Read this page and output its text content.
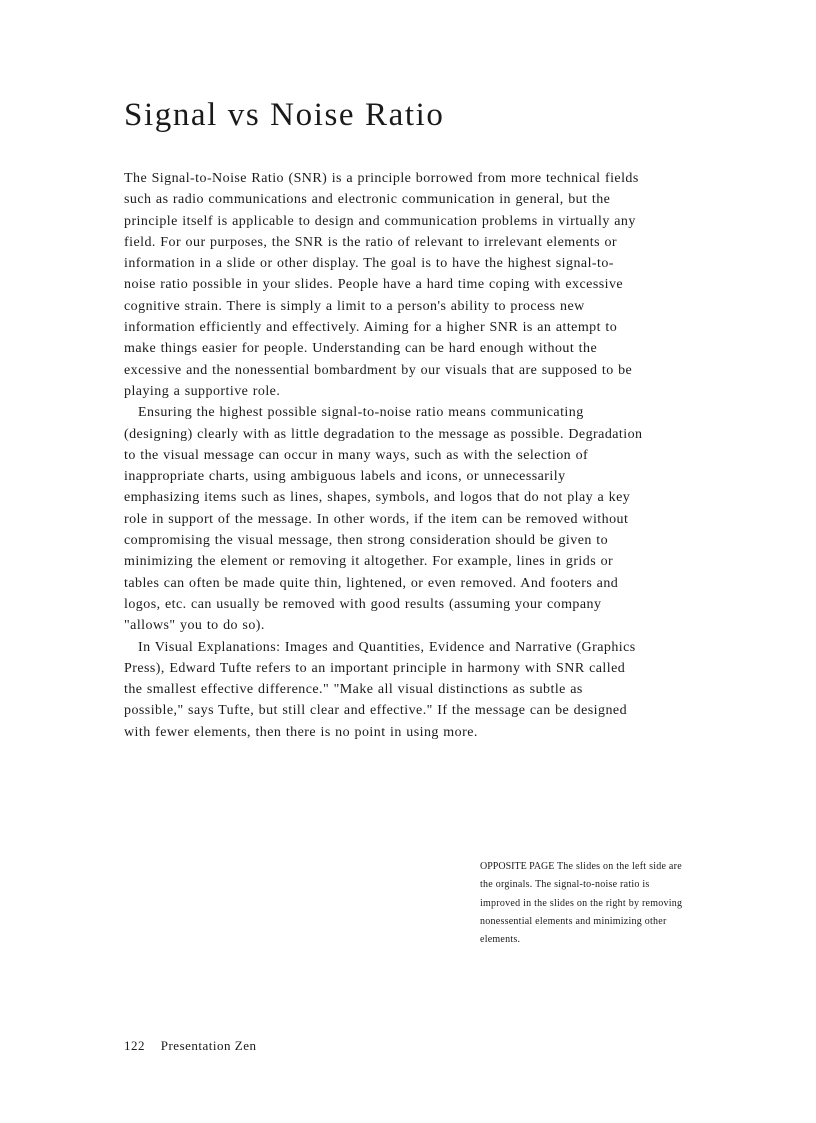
Signal vs Noise Ratio

The Signal-to-Noise Ratio (SNR) is a principle borrowed from more technical fields such as radio communications and electronic communication in general, but the principle itself is applicable to design and communication problems in virtually any field. For our purposes, the SNR is the ratio of relevant to irrelevant elements or information in a slide or other display. The goal is to have the highest signal-to-noise ratio possible in your slides. People have a hard time coping with excessive cognitive strain. There is simply a limit to a person's ability to process new information efficiently and effectively. Aiming for a higher SNR is an attempt to make things easier for people. Understanding can be hard enough without the excessive and the nonessential bombardment by our visuals that are supposed to be playing a supportive role.

Ensuring the highest possible signal-to-noise ratio means communicating (designing) clearly with as little degradation to the message as possible. Degradation to the visual message can occur in many ways, such as with the selection of inappropriate charts, using ambiguous labels and icons, or unnecessarily emphasizing items such as lines, shapes, symbols, and logos that do not play a key role in support of the message. In other words, if the item can be removed without compromising the visual message, then strong consideration should be given to minimizing the element or removing it altogether. For example, lines in grids or tables can often be made quite thin, lightened, or even removed. And footers and logos, etc. can usually be removed with good results (assuming your company "allows" you to do so).

In Visual Explanations: Images and Quantities, Evidence and Narrative (Graphics Press), Edward Tufte refers to an important principle in harmony with SNR called the smallest effective difference." "Make all visual distinctions as subtle as possible," says Tufte, but still clear and effective." If the message can be designed with fewer elements, then there is no point in using more.

OPPOSITE PAGE The slides on the left side are the orginals. The signal-to-noise ratio is improved in the slides on the right by removing nonessential elements and minimizing other elements.

122 Presentation Zen
